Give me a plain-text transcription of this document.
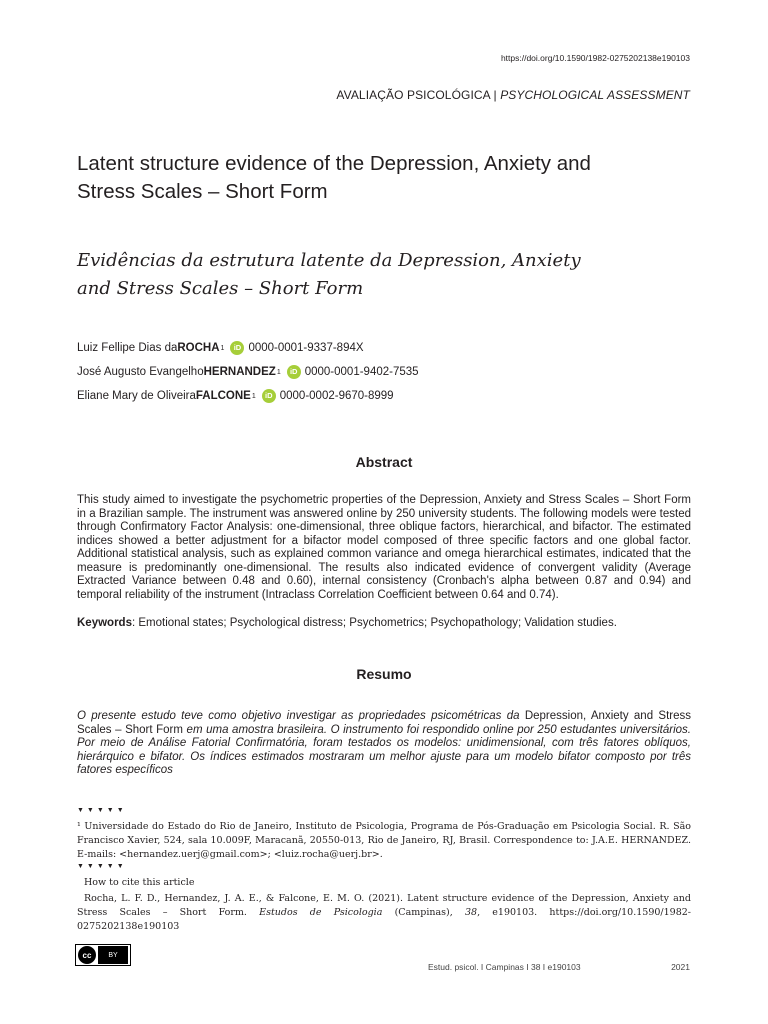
https://doi.org/10.1590/1982-0275202138e190103
AVALIAÇÃO PSICOLÓGICA | PSYCHOLOGICAL ASSESSMENT
Latent structure evidence of the Depression, Anxiety and Stress Scales – Short Form
Evidências da estrutura latente da Depression, Anxiety and Stress Scales – Short Form
Luiz Fellipe Dias da ROCHA 1	iD 0000-0001-9337-894X
José Augusto Evangelho HERNANDEZ 1	iD 0000-0001-9402-7535
Eliane Mary de Oliveira FALCONE 1	iD 0000-0002-9670-8999
Abstract
This study aimed to investigate the psychometric properties of the Depression, Anxiety and Stress Scales – Short Form in a Brazilian sample. The instrument was answered online by 250 university students. The following models were tested through Confirmatory Factor Analysis: one-dimensional, three oblique factors, hierarchical, and bifactor. The estimated indices showed a better adjustment for a bifactor model composed of three specific factors and one global factor. Additional statistical analysis, such as explained common variance and omega hierarchical estimates, indicated that the measure is predominantly one-dimensional. The results also indicated evidence of convergent validity (Average Extracted Variance between 0.48 and 0.60), internal consistency (Cronbach's alpha between 0.87 and 0.94) and temporal reliability of the instrument (Intraclass Correlation Coefficient between 0.64 and 0.74).
Keywords: Emotional states; Psychological distress; Psychometrics; Psychopathology; Validation studies.
Resumo
O presente estudo teve como objetivo investigar as propriedades psicométricas da Depression, Anxiety and Stress Scales – Short Form em uma amostra brasileira. O instrumento foi respondido online por 250 estudantes universitários. Por meio de Análise Fatorial Confirmatória, foram testados os modelos: unidimensional, com três fatores oblíquos, hierárquico e bifator. Os índices estimados mostraram um melhor ajuste para um modelo bifator composto por três fatores específicos
▼▼▼▼▼
¹ Universidade do Estado do Rio de Janeiro, Instituto de Psicologia, Programa de Pós-Graduação em Psicologia Social. R. São Francisco Xavier, 524, sala 10.009F, Maracanã, 20550-013, Rio de Janeiro, RJ, Brasil. Correspondence to: J.A.E. HERNANDEZ. E-mails: <hernandez.uerj@gmail.com>; <luiz.rocha@uerj.br>.
▼▼▼▼▼
How to cite this article
Rocha, L. F. D., Hernandez, J. A. E., & Falcone, E. M. O. (2021). Latent structure evidence of the Depression, Anxiety and Stress Scales – Short Form. Estudos de Psicologia (Campinas), 38, e190103. https://doi.org/10.1590/1982-0275202138e190103
cc	BY
Estud. psicol. I Campinas I 38 I e190103	2021
